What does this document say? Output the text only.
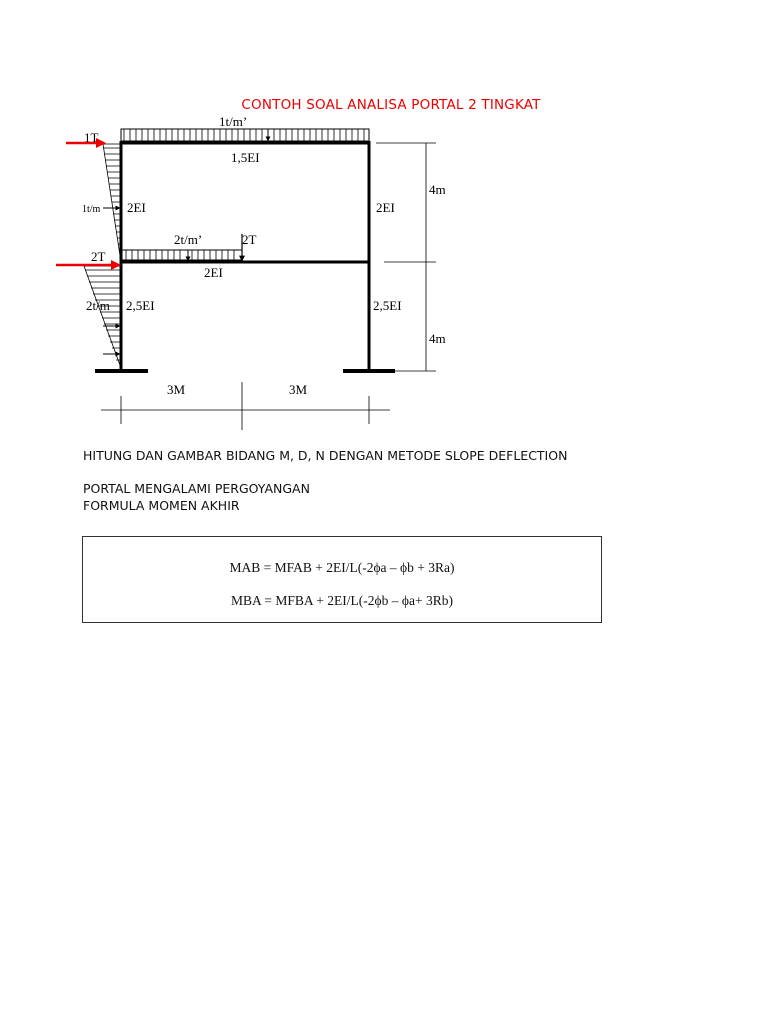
CONTOH SOAL ANALISA PORTAL 2 TINGKAT
1t/m’
1,5EI
1T
1t/m 2EI	2EI
2t/m’	2T
2T
2EI
2t/m 2,5EI	2,5EI
4m
4m
3M	3M

HITUNG DAN GAMBAR BIDANG M, D, N DENGAN METODE SLOPE DEFLECTION

PORTAL MENGALAMI PERGOYANGAN

FORMULA MOMEN AKHIR

MAB = MFAB + 2EI/L(-2ϕa – ϕb + 3Ra)

MBA = MFBA + 2EI/L(-2ϕb – ϕa+ 3Rb)
